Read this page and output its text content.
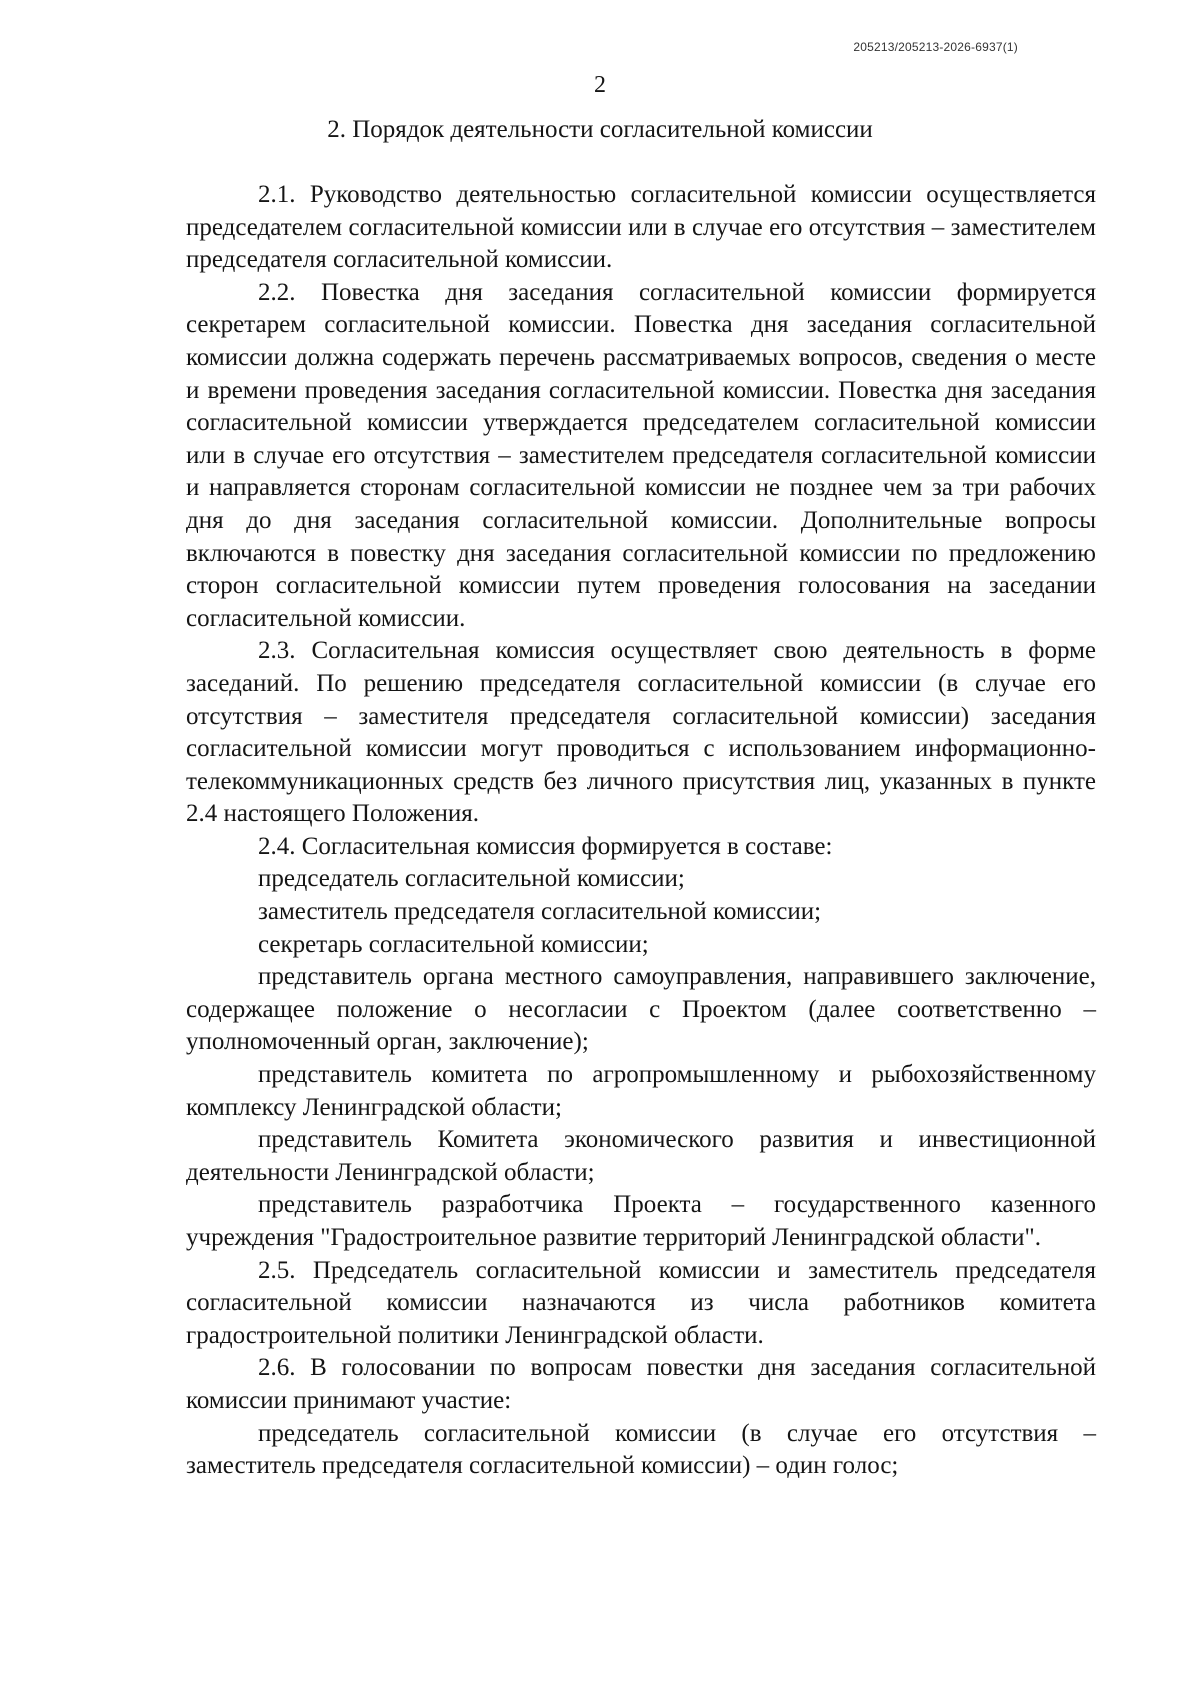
205213/205213-2026-6937(1)
2
2. Порядок деятельности согласительной комиссии

2.1. Руководство деятельностью согласительной комиссии осуществляется председателем согласительной комиссии или в случае его отсутствия – заместителем председателя согласительной комиссии.

2.2. Повестка дня заседания согласительной комиссии формируется секретарем согласительной комиссии. Повестка дня заседания согласительной комиссии должна содержать перечень рассматриваемых вопросов, сведения о месте и времени проведения заседания согласительной комиссии. Повестка дня заседания согласительной комиссии утверждается председателем согласительной комиссии или в случае его отсутствия – заместителем председателя согласительной комиссии и направляется сторонам согласительной комиссии не позднее чем за три рабочих дня до дня заседания согласительной комиссии. Дополнительные вопросы включаются в повестку дня заседания согласительной комиссии по предложению сторон согласительной комиссии путем проведения голосования на заседании согласительной комиссии.

2.3. Согласительная комиссия осуществляет свою деятельность в форме заседаний. По решению председателя согласительной комиссии (в случае его отсутствия – заместителя председателя согласительной комиссии) заседания согласительной комиссии могут проводиться с использованием информационно-телекоммуникационных средств без личного присутствия лиц, указанных в пункте 2.4 настоящего Положения.

2.4. Согласительная комиссия формируется в составе:

председатель согласительной комиссии;

заместитель председателя согласительной комиссии;

секретарь согласительной комиссии;

представитель органа местного самоуправления, направившего заключение, содержащее положение о несогласии с Проектом (далее соответственно – уполномоченный орган, заключение);

представитель комитета по агропромышленному и рыбохозяйственному комплексу Ленинградской области;

представитель Комитета экономического развития и инвестиционной деятельности Ленинградской области;

представитель разработчика Проекта – государственного казенного учреждения "Градостроительное развитие территорий Ленинградской области".

2.5. Председатель согласительной комиссии и заместитель председателя согласительной комиссии назначаются из числа работников комитета градостроительной политики Ленинградской области.

2.6. В голосовании по вопросам повестки дня заседания согласительной комиссии принимают участие:

председатель согласительной комиссии (в случае его отсутствия – заместитель председателя согласительной комиссии) – один голос;
